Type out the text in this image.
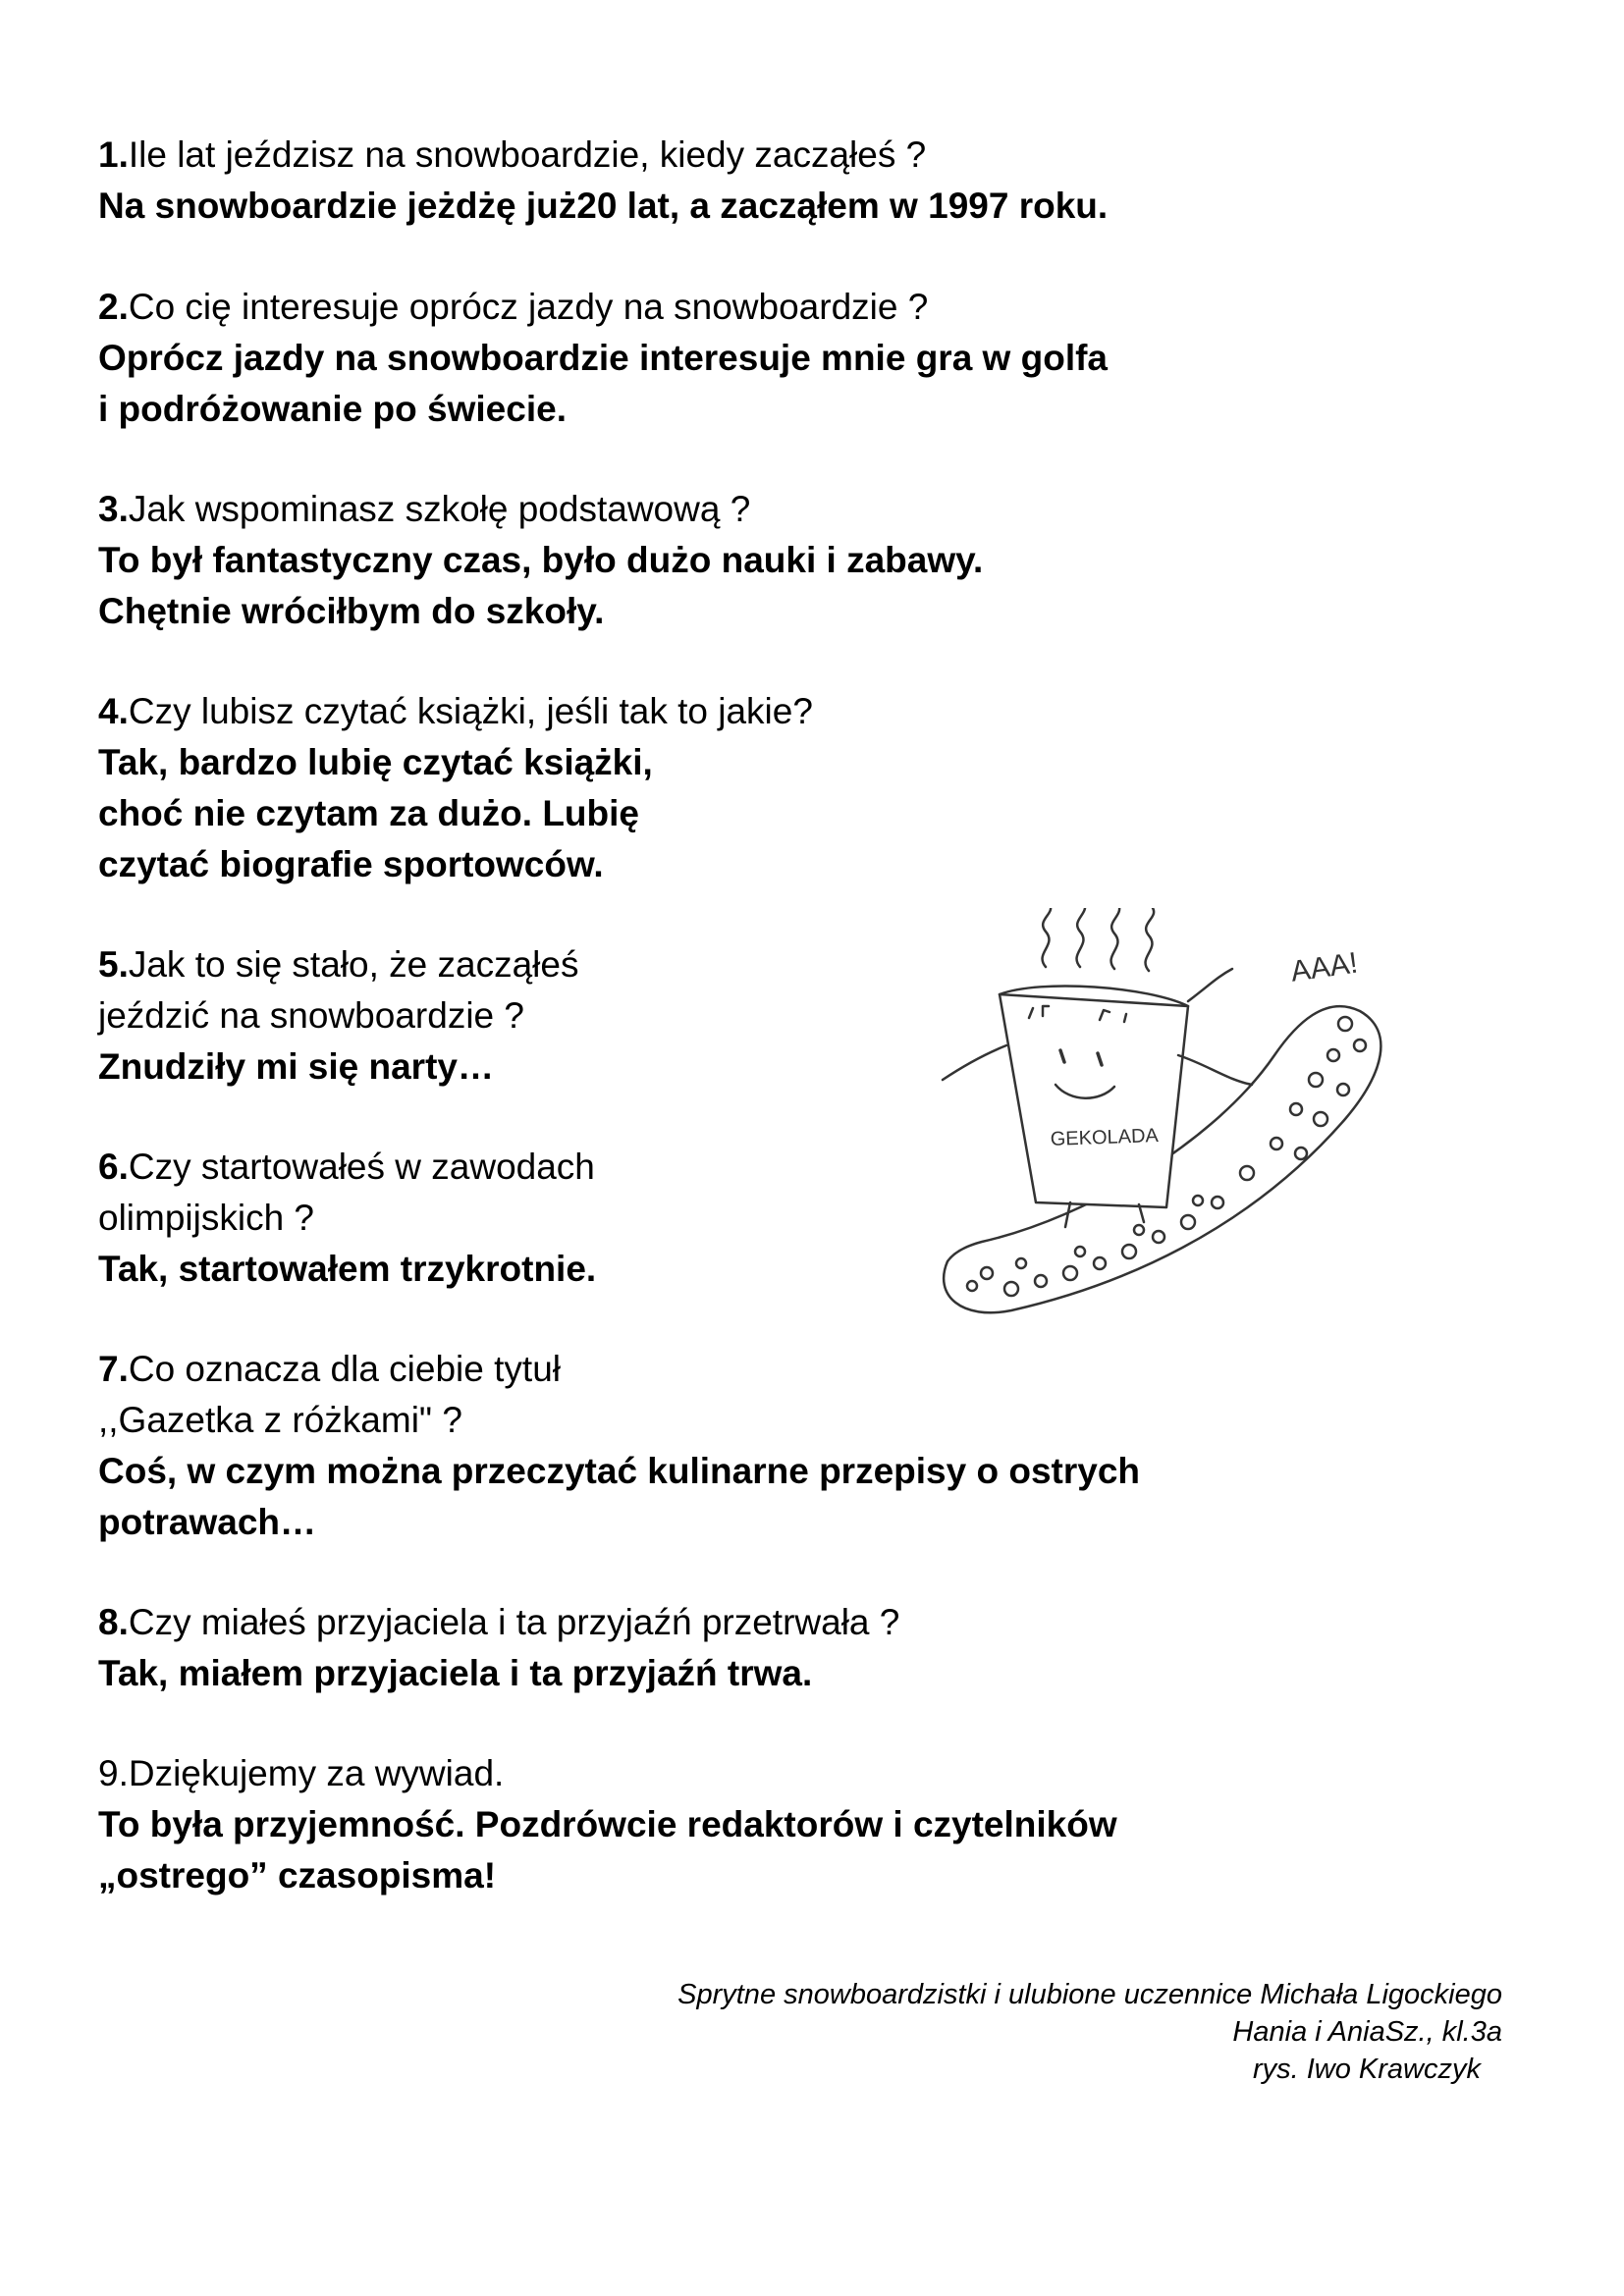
1.Ile lat jeździsz na snowboardzie, kiedy zacząłeś ?

Na snowboardzie jeżdżę już20 lat, a zacząłem w 1997 roku.

2.Co cię interesuje oprócz jazdy na snowboardzie ?

Oprócz jazdy na snowboardzie interesuje mnie gra w golfa

i podróżowanie po świecie.

3.Jak wspominasz szkołę podstawową ?

To był fantastyczny czas, było dużo nauki i zabawy.

Chętnie wróciłbym do szkoły.

4.Czy lubisz czytać książki, jeśli tak to jakie?

Tak, bardzo lubię czytać książki,

choć nie czytam za dużo. Lubię

czytać biografie sportowców.

5.Jak to się stało, że zacząłeś

jeździć na snowboardzie ?

Znudziły mi się narty…

6.Czy startowałeś w zawodach

olimpijskich ?

Tak, startowałem trzykrotnie.

7.Co oznacza dla ciebie tytuł

,,Gazetka z różkami" ?

Coś, w czym można przeczytać kulinarne przepisy o ostrych

potrawach…

8.Czy miałeś przyjaciela i ta przyjaźń przetrwała ?

Tak, miałem przyjaciela i ta przyjaźń trwa.

9.Dziękujemy za wywiad.

To była przyjemność. Pozdrówcie redaktorów i czytelników

„ostrego” czasopisma!

Sprytne snowboardzistki i ulubione uczennice Michała Ligockiego
Hania i AniaSz., kl.3a
rys. Iwo Krawczyk
GEKOLADA
AAA!
